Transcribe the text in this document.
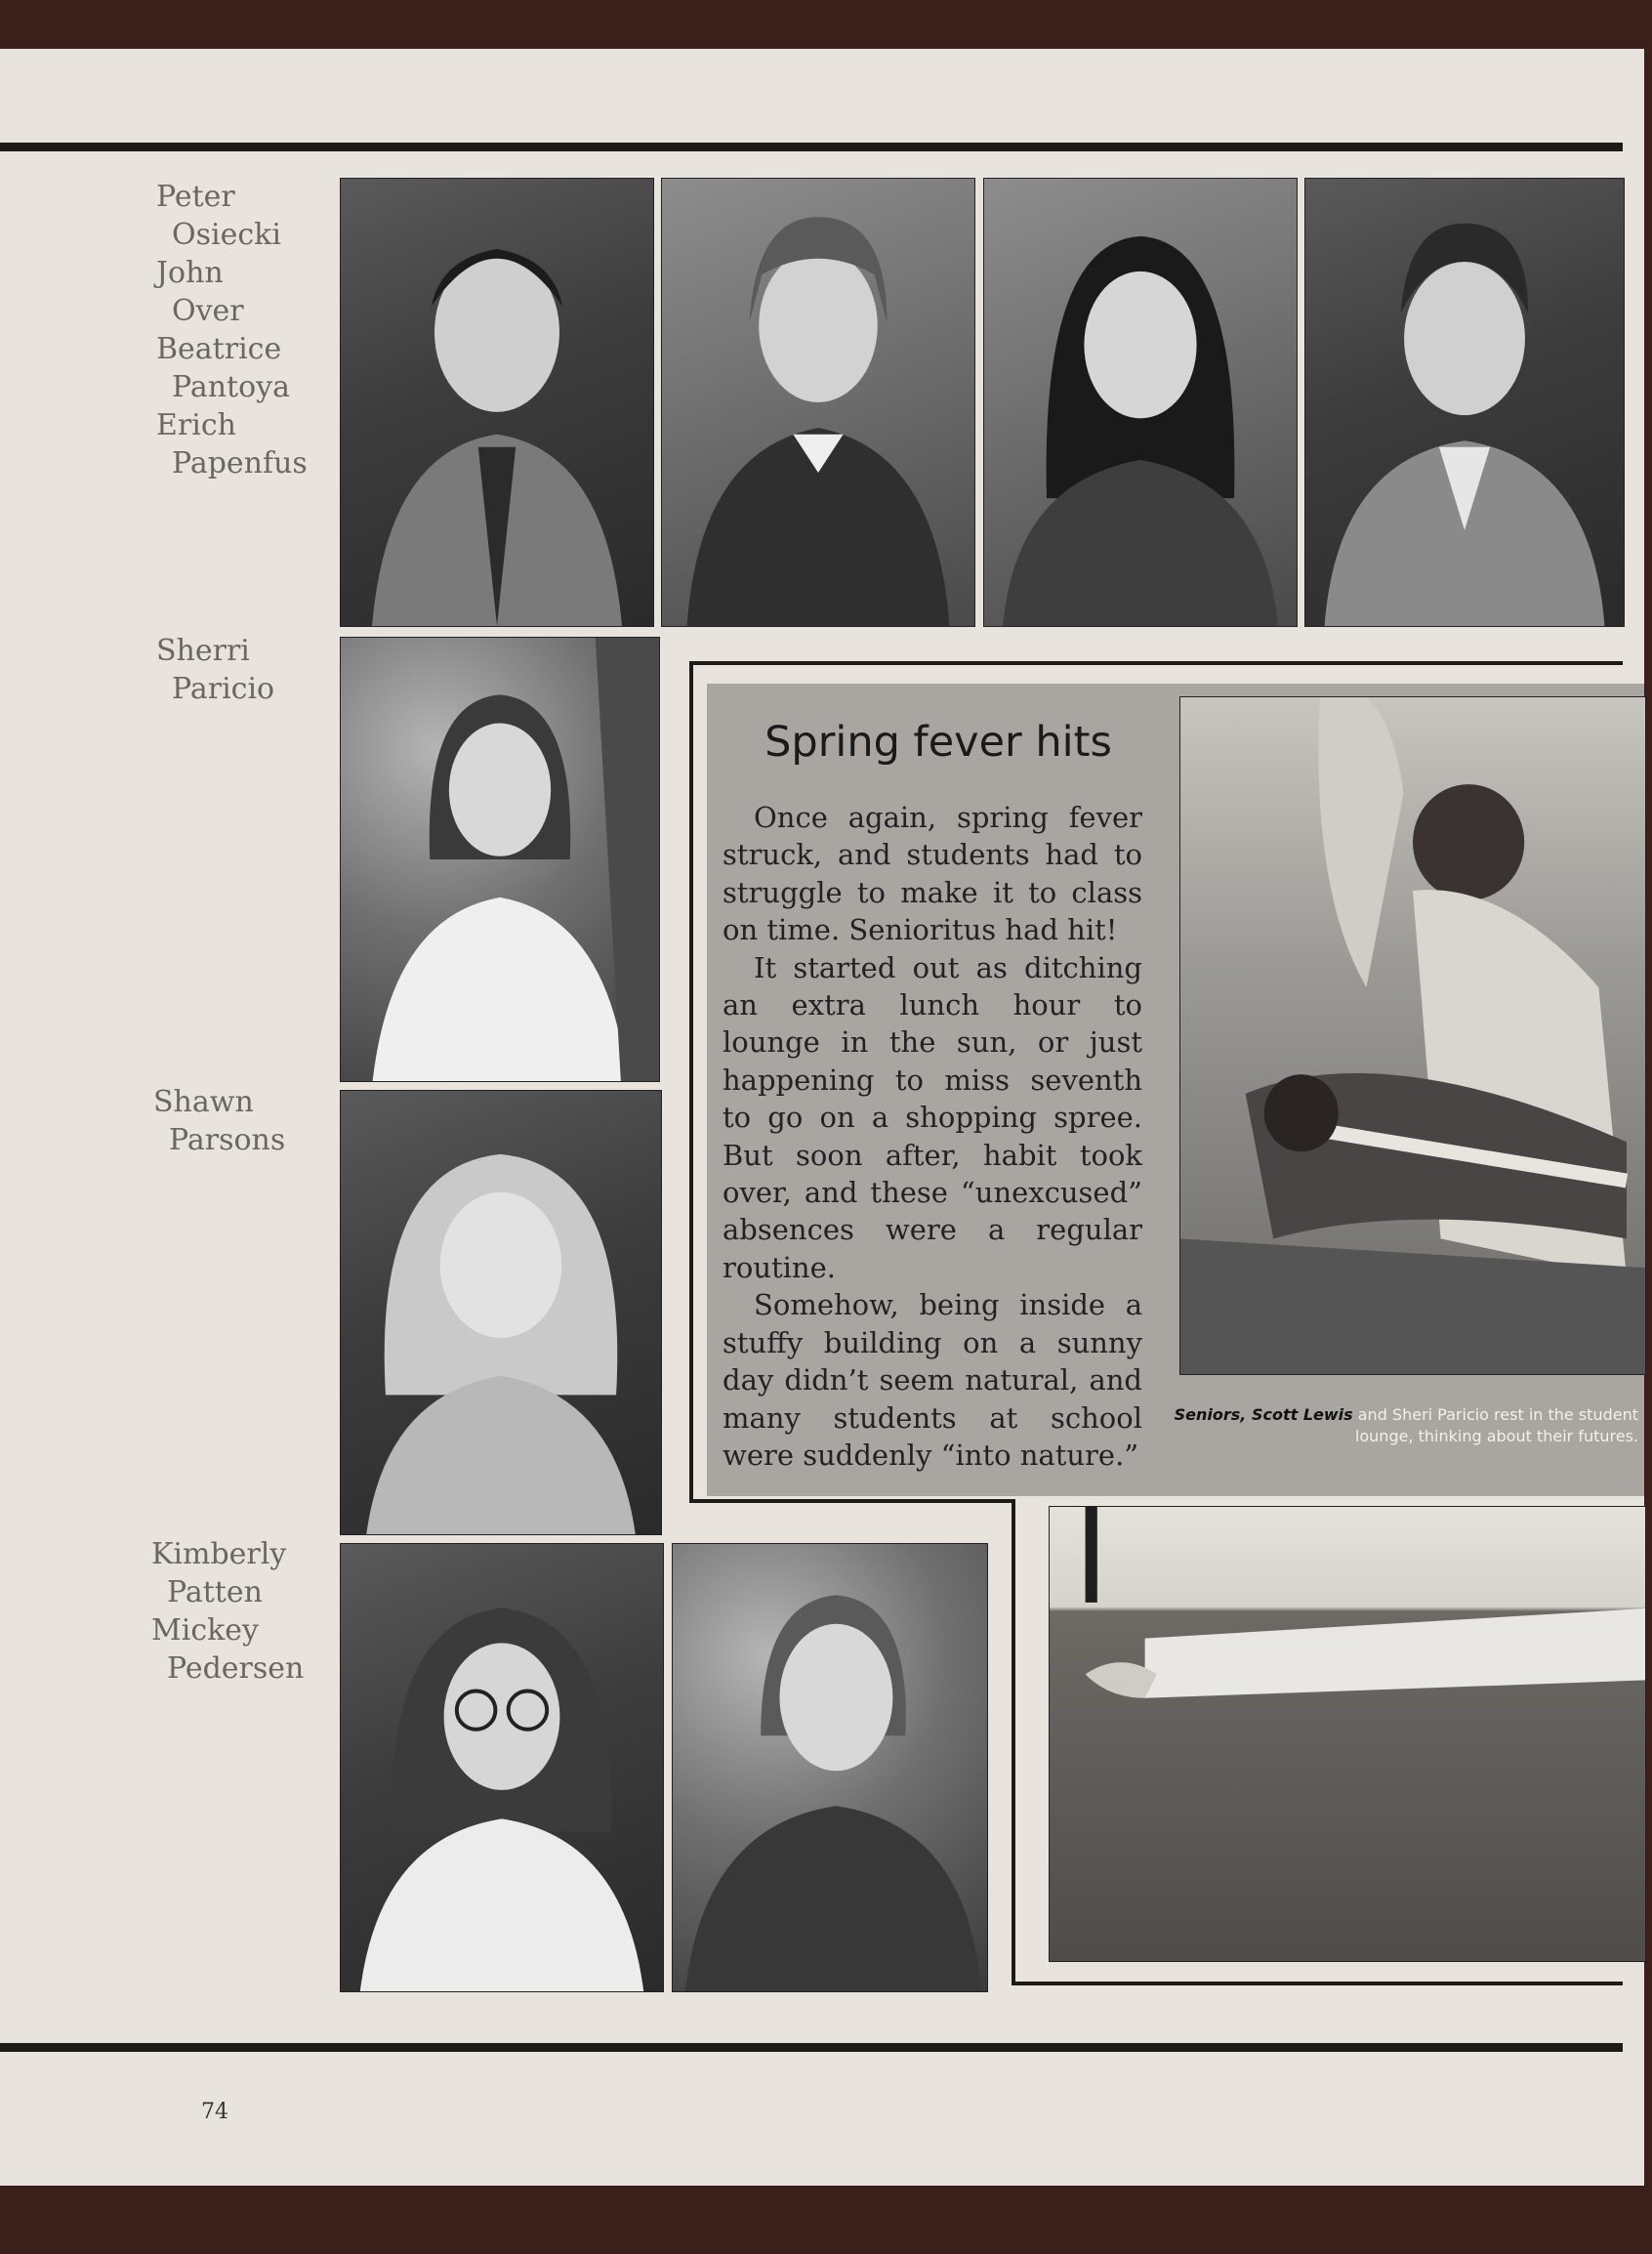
Peter
Osiecki
John
Over
Beatrice
Pantoya
Erich
Papenfus
Sherri
Paricio
Shawn
Parsons
Kimberly
Patten
Mickey
Pedersen
Spring fever hits

Once again, spring fever struck, and students had to struggle to make it to class on time. Senioritus had hit!

It started out as ditching an extra lunch hour to lounge in the sun, or just happening to miss seventh to go on a shopping spree. But soon after, habit took over, and these “unexcused” absences were a regular routine.

Somehow, being inside a stuffy building on a sunny day didn’t seem natural, and many students at school were suddenly “into nature.”

Seniors, Scott Lewis and Sheri Paricio rest in the student lounge, thinking about their futures.
74
